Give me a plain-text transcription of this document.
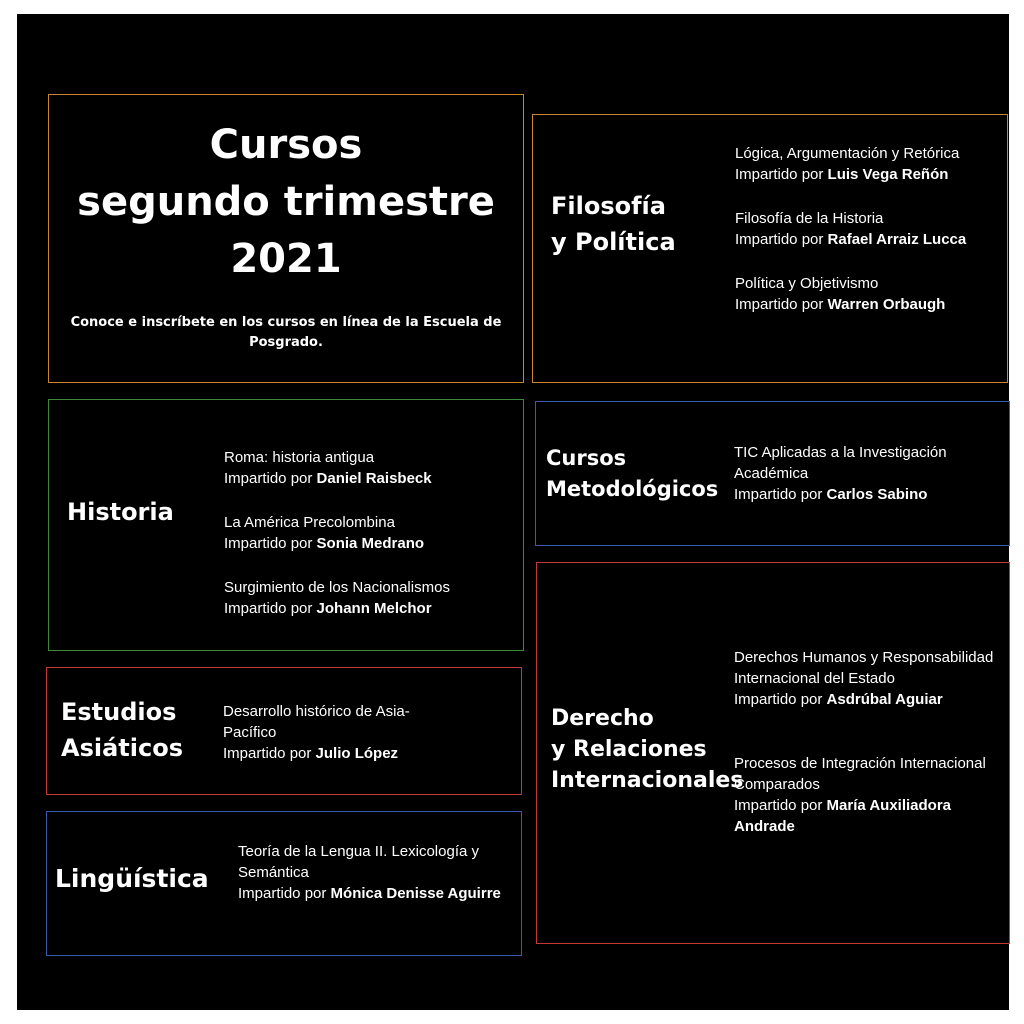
Cursos
segundo trimestre
2021
Conoce e inscríbete en los cursos en línea de la Escuela de Posgrado.
Filosofía
y Política
Lógica, Argumentación y Retórica
Impartido por Luis Vega Reñón
Filosofía de la Historia
Impartido por Rafael Arraiz Lucca
Política y Objetivismo
Impartido por Warren Orbaugh
Historia
Roma: historia antigua
Impartido por Daniel Raisbeck
La América Precolombina
Impartido por Sonia Medrano
Surgimiento de los Nacionalismos
Impartido por Johann Melchor
Cursos
Metodológicos
TIC Aplicadas a la Investigación Académica
Impartido por Carlos Sabino
Estudios
Asiáticos
Desarrollo histórico de Asia-Pacífico
Impartido por Julio López
Derecho
y Relaciones
Internacionales
Derechos Humanos y Responsabilidad Internacional del Estado
Impartido por Asdrúbal Aguiar
Procesos de Integración Internacional Comparados
Impartido por María Auxiliadora Andrade
Lingüística
Teoría de la Lengua II. Lexicología y Semántica
Impartido por Mónica Denisse Aguirre
